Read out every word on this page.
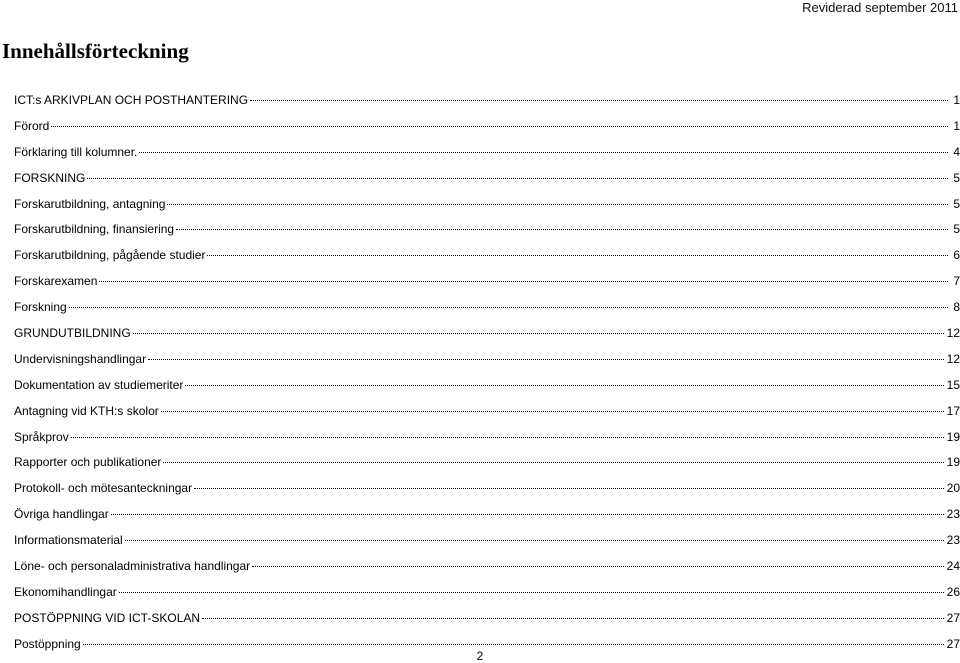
Reviderad september 2011
Innehållsförteckning
ICT:s ARKIVPLAN OCH POSTHANTERING	1
Förord	1
Förklaring till kolumner.	4
FORSKNING	5
Forskarutbildning, antagning	5
Forskarutbildning, finansiering	5
Forskarutbildning, pågående studier	6
Forskarexamen	7
Forskning	8
GRUNDUTBILDNING	12
Undervisningshandlingar	12
Dokumentation av studiemeriter	15
Antagning vid KTH:s skolor	17
Språkprov	19
Rapporter och publikationer	19
Protokoll- och mötesanteckningar	20
Övriga handlingar	23
Informationsmaterial	23
Löne- och personaladministrativa handlingar	24
Ekonomihandlingar	26
POSTÖPPNING VID ICT-SKOLAN	27
Postöppning	27
2
